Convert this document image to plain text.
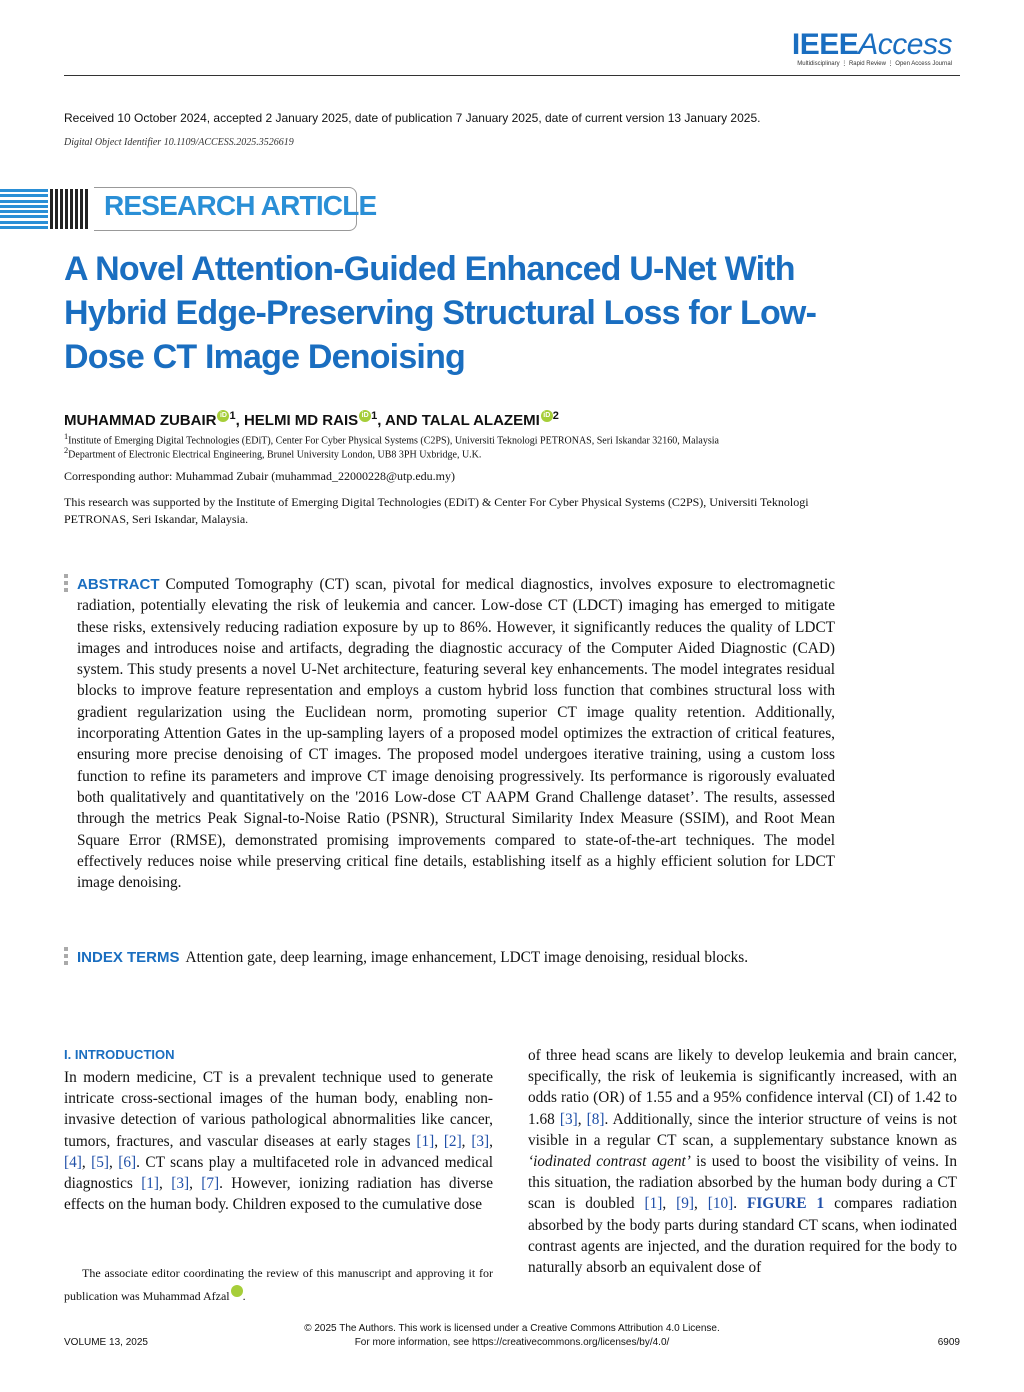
IEEEAccess
Multidisciplinary ⋮ Rapid Review ⋮ Open Access Journal
Received 10 October 2024, accepted 2 January 2025, date of publication 7 January 2025, date of current version 13 January 2025.
Digital Object Identifier 10.1109/ACCESS.2025.3526619
RESEARCH ARTICLE
A Novel Attention-Guided Enhanced U-Net With Hybrid Edge-Preserving Structural Loss for Low-Dose CT Image Denoising
MUHAMMAD ZUBAIR iD $^1$, HELMI MD RAIS iD $^1$, AND TALAL ALAZEMI iD $^2$
$^1$Institute of Emerging Digital Technologies (EDiT), Center For Cyber Physical Systems (C2PS), Universiti Teknologi PETRONAS, Seri Iskandar 32160, Malaysia
$^2$Department of Electronic Electrical Engineering, Brunel University London, UB8 3PH Uxbridge, U.K.
Corresponding author: Muhammad Zubair (muhammad_22000228@utp.edu.my)
This research was supported by the Institute of Emerging Digital Technologies (EDiT) & Center For Cyber Physical Systems (C2PS), Universiti Teknologi PETRONAS, Seri Iskandar, Malaysia.
ABSTRACT Computed Tomography (CT) scan, pivotal for medical diagnostics, involves exposure to electromagnetic radiation, potentially elevating the risk of leukemia and cancer. Low-dose CT (LDCT) imaging has emerged to mitigate these risks, extensively reducing radiation exposure by up to 86%. However, it significantly reduces the quality of LDCT images and introduces noise and artifacts, degrading the diagnostic accuracy of the Computer Aided Diagnostic (CAD) system. This study presents a novel U-Net architecture, featuring several key enhancements. The model integrates residual blocks to improve feature representation and employs a custom hybrid loss function that combines structural loss with gradient regularization using the Euclidean norm, promoting superior CT image quality retention. Additionally, incorporating Attention Gates in the up-sampling layers of a proposed model optimizes the extraction of critical features, ensuring more precise denoising of CT images. The proposed model undergoes iterative training, using a custom loss function to refine its parameters and improve CT image denoising progressively. Its performance is rigorously evaluated both qualitatively and quantitatively on the '2016 Low-dose CT AAPM Grand Challenge dataset’. The results, assessed through the metrics Peak Signal-to-Noise Ratio (PSNR), Structural Similarity Index Measure (SSIM), and Root Mean Square Error (RMSE), demonstrated promising improvements compared to state-of-the-art techniques. The model effectively reduces noise while preserving critical fine details, establishing itself as a highly efficient solution for LDCT image denoising.
INDEX TERMS Attention gate, deep learning, image enhancement, LDCT image denoising, residual blocks.
I. INTRODUCTION
In modern medicine, CT is a prevalent technique used to generate intricate cross-sectional images of the human body, enabling non-invasive detection of various pathological abnormalities like cancer, tumors, fractures, and vascular diseases at early stages [1], [2], [3], [4], [5], [6]. CT scans play a multifaceted role in advanced medical diagnostics [1], [3], [7]. However, ionizing radiation has diverse effects on the human body. Children exposed to the cumulative dose
of three head scans are likely to develop leukemia and brain cancer, specifically, the risk of leukemia is significantly increased, with an odds ratio (OR) of 1.55 and a 95% confidence interval (CI) of 1.42 to 1.68 [3], [8]. Additionally, since the interior structure of veins is not visible in a regular CT scan, a supplementary substance known as ‘iodinated contrast agent’ is used to boost the visibility of veins. In this situation, the radiation absorbed by the human body during a CT scan is doubled [1], [9], [10]. FIGURE 1 compares radiation absorbed by the body parts during standard CT scans, when iodinated contrast agents are injected, and the duration required for the body to naturally absorb an equivalent dose of
The associate editor coordinating the review of this manuscript and approving it for publication was Muhammad Afzal	iD.
VOLUME 13, 2025
© 2025 The Authors. This work is licensed under a Creative Commons Attribution 4.0 License.
For more information, see https://creativecommons.org/licenses/by/4.0/	6909
